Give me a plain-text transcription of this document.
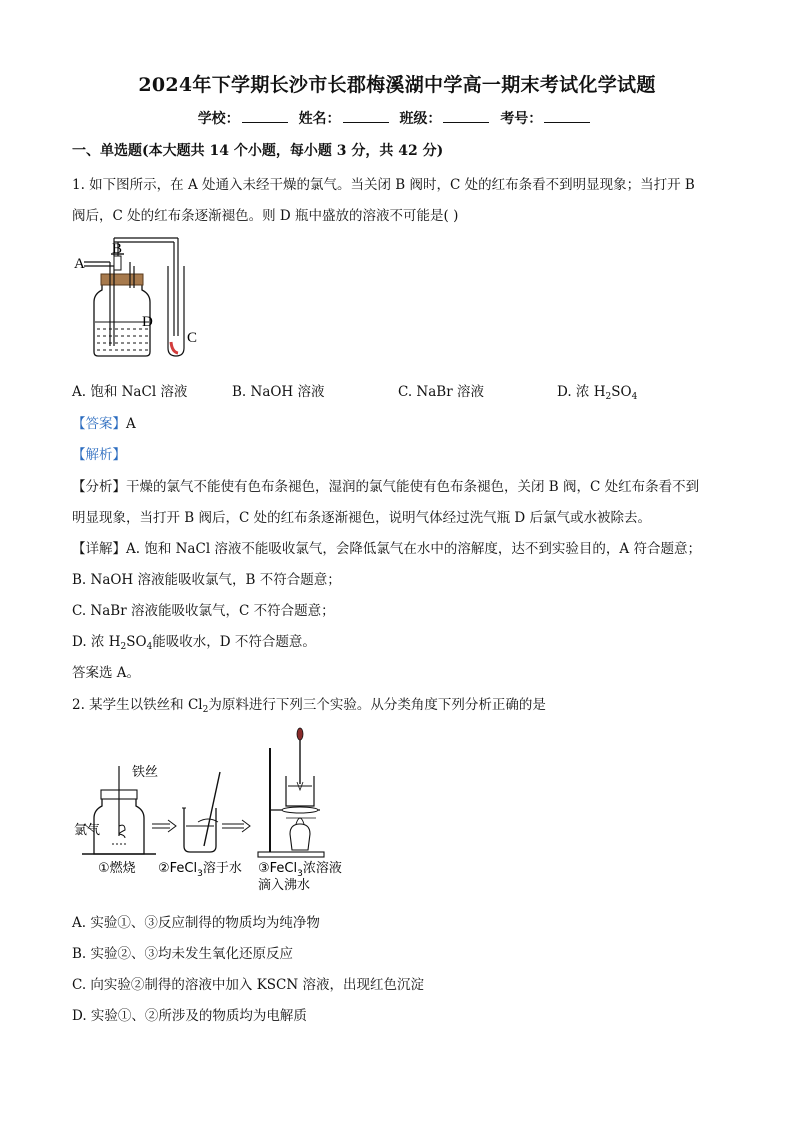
2024年下学期长沙市长郡梅溪湖中学高一期末考试化学试题
学校：	姓名：	班级：	考号：
一、单选题(本大题共 14 个小题，每小题 3 分，共 42 分)
1. 如下图所示，在 A 处通入未经干燥的氯气。当关闭 B 阀时，C 处的红布条看不到明显现象；当打开 B
阀后，C 处的红布条逐渐褪色。则 D 瓶中盛放的溶液不可能是( )
A
B
C
D
A. 饱和 NaCl 溶液	B. NaOH 溶液	C. NaBr 溶液	D. 浓 $H_2SO_4$
【答案】A
【解析】
【分析】干燥的氯气不能使有色布条褪色，湿润的氯气能使有色布条褪色，关闭 B 阀，C 处红布条看不到
明显现象，当打开 B 阀后，C 处的红布条逐渐褪色，说明气体经过洗气瓶 D 后氯气或水被除去。
【详解】A. 饱和 NaCl 溶液不能吸收氯气，会降低氯气在水中的溶解度，达不到实验目的，A 符合题意；
B. NaOH 溶液能吸收氯气，B 不符合题意；
C. NaBr 溶液能吸收氯气，C 不符合题意；
D. 浓 $H_2SO_4$能吸收水，D 不符合题意。
答案选 A。
2. 某学生以铁丝和 $Cl_2$为原料进行下列三个实验。从分类角度下列分析正确的是
铁丝
氯气
①燃烧 ②FeCl$_3$溶于水 ③FeCl$_3$浓溶液
滴入沸水
A. 实验①、③反应制得的物质均为纯净物
B. 实验②、③均未发生氧化还原反应
C. 向实验②制得的溶液中加入 KSCN 溶液，出现红色沉淀
D. 实验①、②所涉及的物质均为电解质
